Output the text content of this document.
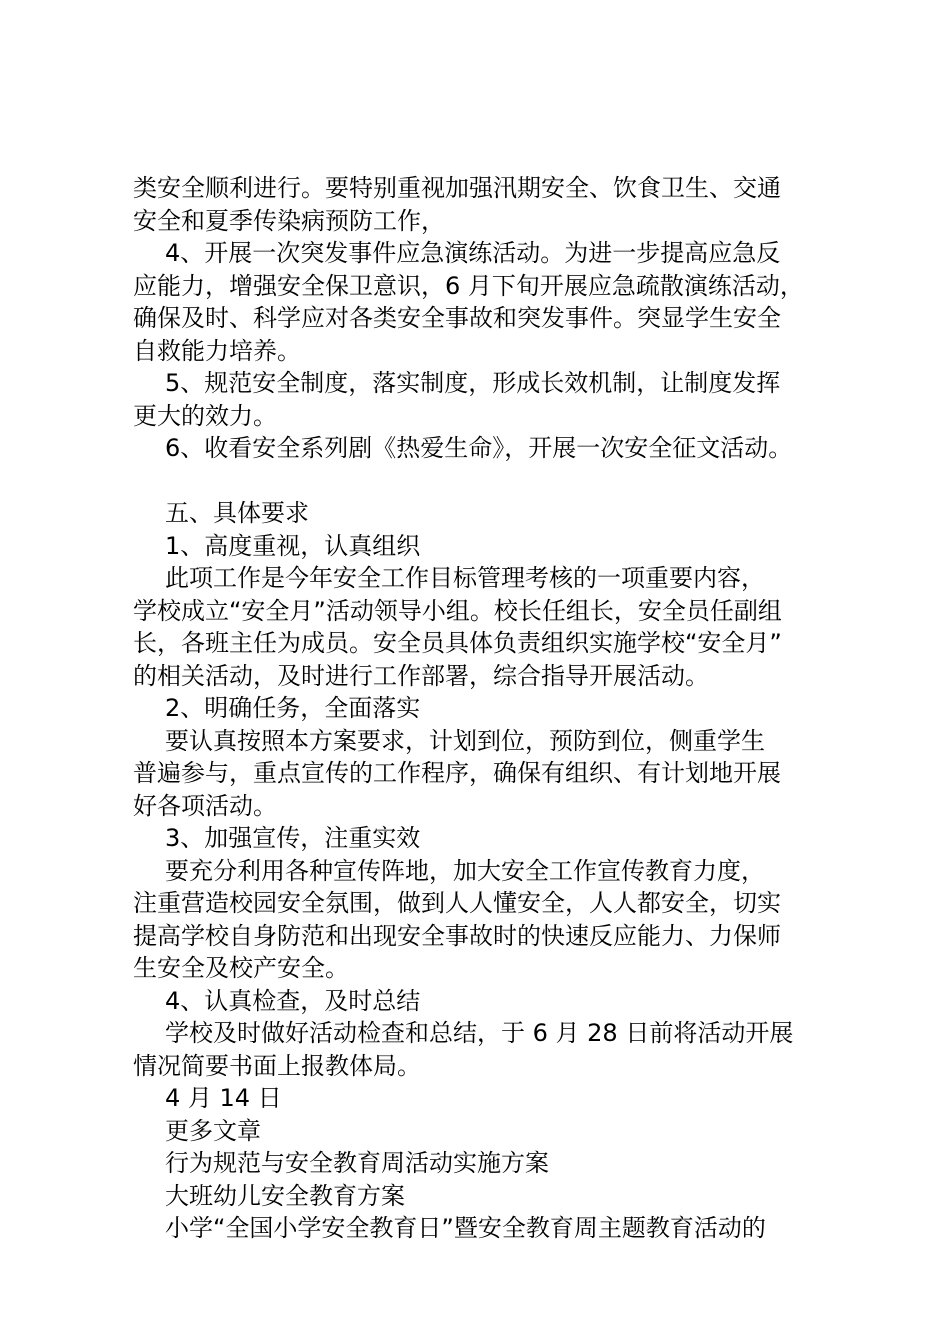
类安全顺利进行。要特别重视加强汛期安全、饮食卫生、交通

安全和夏季传染病预防工作，

4、开展一次突发事件应急演练活动。为进一步提高应急反

应能力，增强安全保卫意识，6 月下旬开展应急疏散演练活动，

确保及时、科学应对各类安全事故和突发事件。突显学生安全

自救能力培养。

5、规范安全制度，落实制度，形成长效机制，让制度发挥

更大的效力。

6、收看安全系列剧《热爱生命》，开展一次安全征文活动。

五、具体要求

1、高度重视，认真组织

此项工作是今年安全工作目标管理考核的一项重要内容，

学校成立“安全月”活动领导小组。校长任组长，安全员任副组

长，各班主任为成员。安全员具体负责组织实施学校“安全月”

的相关活动，及时进行工作部署，综合指导开展活动。

2、明确任务，全面落实

要认真按照本方案要求，计划到位，预防到位，侧重学生

普遍参与，重点宣传的工作程序，确保有组织、有计划地开展

好各项活动。

3、加强宣传，注重实效

要充分利用各种宣传阵地，加大安全工作宣传教育力度，

注重营造校园安全氛围，做到人人懂安全，人人都安全，切实

提高学校自身防范和出现安全事故时的快速反应能力、力保师

生安全及校产安全。

4、认真检查，及时总结

学校及时做好活动检查和总结，于 6 月 28 日前将活动开展

情况简要书面上报教体局。

4 月 14 日

更多文章

行为规范与安全教育周活动实施方案

大班幼儿安全教育方案

小学“全国小学安全教育日”暨安全教育周主题教育活动的
